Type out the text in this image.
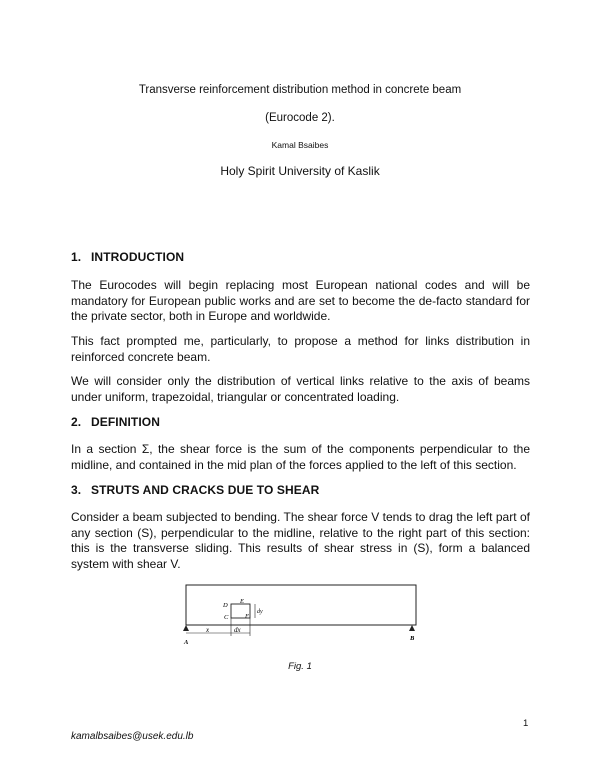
Transverse reinforcement distribution method in concrete beam
(Eurocode 2).
Kamal Bsaibes
Holy Spirit University of Kaslik
1. INTRODUCTION

The Eurocodes will begin replacing most European national codes and will be mandatory for European public works and are set to become the de-facto standard for the private sector, both in Europe and worldwide.

This fact prompted me, particularly, to propose a method for links distribution in reinforced concrete beam.

We will consider only the distribution of vertical links relative to the axis of beams under uniform, trapezoidal, triangular or concentrated loading.

2. DEFINITION

In a section Σ, the shear force is the sum of the components perpendicular to the midline, and contained in the mid plan of the forces applied to the left of this section.

3. STRUTS AND CRACKS DUE TO SHEAR

Consider a beam subjected to bending. The shear force V tends to drag the left part of any section (S), perpendicular to the midline, relative to the right part of this section: this is the transverse sliding. This results of shear stress in (S), form a balanced system with shear V.

D
E
C	F
dy
x	dx
A
B
Fig. 1
1
kamalbsaibes@usek.edu.lb
